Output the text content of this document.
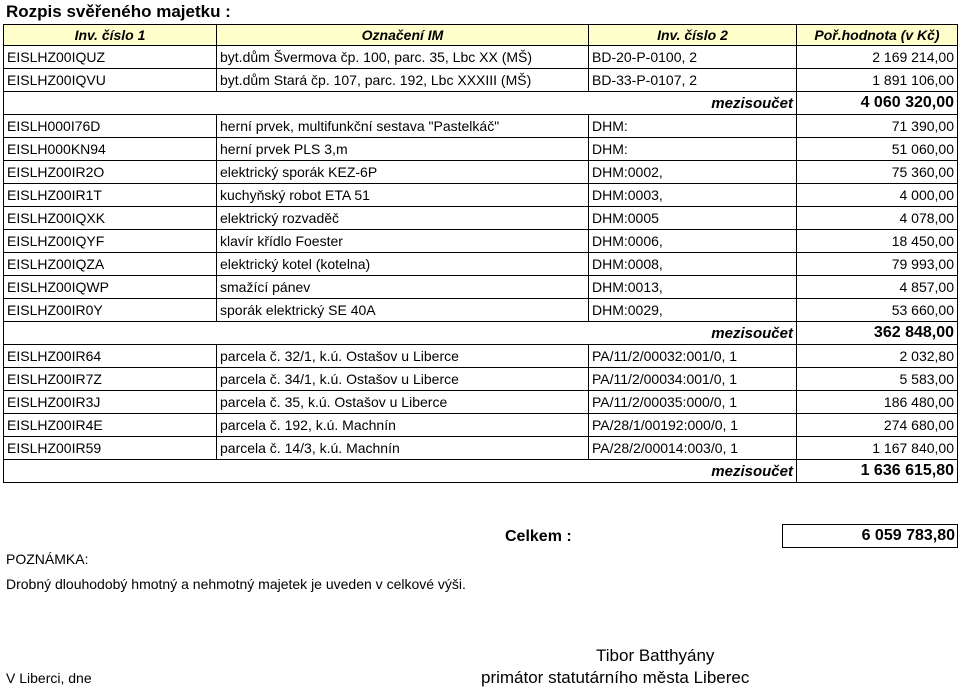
Rozpis svěřeného majetku :
Inv. číslo 1	Označení IM	Inv. číslo 2	Poř.hodnota (v Kč)
EISLHZ00IQUZ	byt.dům Švermova čp. 100, parc. 35, Lbc XX (MŠ)	BD-20-P-0100, 2	2 169 214,00
EISLHZ00IQVU	byt.dům Stará čp. 107, parc. 192, Lbc XXXIII (MŠ)	BD-33-P-0107, 2	1 891 106,00
		mezisoučet	4 060 320,00
EISLH000I76D	herní prvek, multifunkční sestava "Pastelkáč"	DHM:	71 390,00
EISLH000KN94	herní prvek PLS 3,m	DHM:	51 060,00
EISLHZ00IR2O	elektrický sporák KEZ-6P	DHM:0002,	75 360,00
EISLHZ00IR1T	kuchyňský robot ETA 51	DHM:0003,	4 000,00
EISLHZ00IQXK	elektrický rozvaděč	DHM:0005	4 078,00
EISLHZ00IQYF	klavír křídlo Foester	DHM:0006,	18 450,00
EISLHZ00IQZA	elektrický kotel (kotelna)	DHM:0008,	79 993,00
EISLHZ00IQWP	smažící pánev	DHM:0013,	4 857,00
EISLHZ00IR0Y	sporák elektrický SE 40A	DHM:0029,	53 660,00
		mezisoučet	362 848,00
EISLHZ00IR64	parcela č. 32/1, k.ú. Ostašov u Liberce	PA/11/2/00032:001/0, 1	2 032,80
EISLHZ00IR7Z	parcela č. 34/1, k.ú. Ostašov u Liberce	PA/11/2/00034:001/0, 1	5 583,00
EISLHZ00IR3J	parcela č. 35, k.ú. Ostašov u Liberce	PA/11/2/00035:000/0, 1	186 480,00
EISLHZ00IR4E	parcela č. 192, k.ú. Machnín	PA/28/1/00192:000/0, 1	274 680,00
EISLHZ00IR59	parcela č. 14/3, k.ú. Machnín	PA/28/2/00014:003/0, 1	1 167 840,00
		mezisoučet	1 636 615,80
Celkem :	6 059 783,80
POZNÁMKA:
Drobný dlouhodobý hmotný a nehmotný majetek je uveden v celkové výši.
V Liberci, dne
Tibor Batthyány
primátor statutárního města Liberec
